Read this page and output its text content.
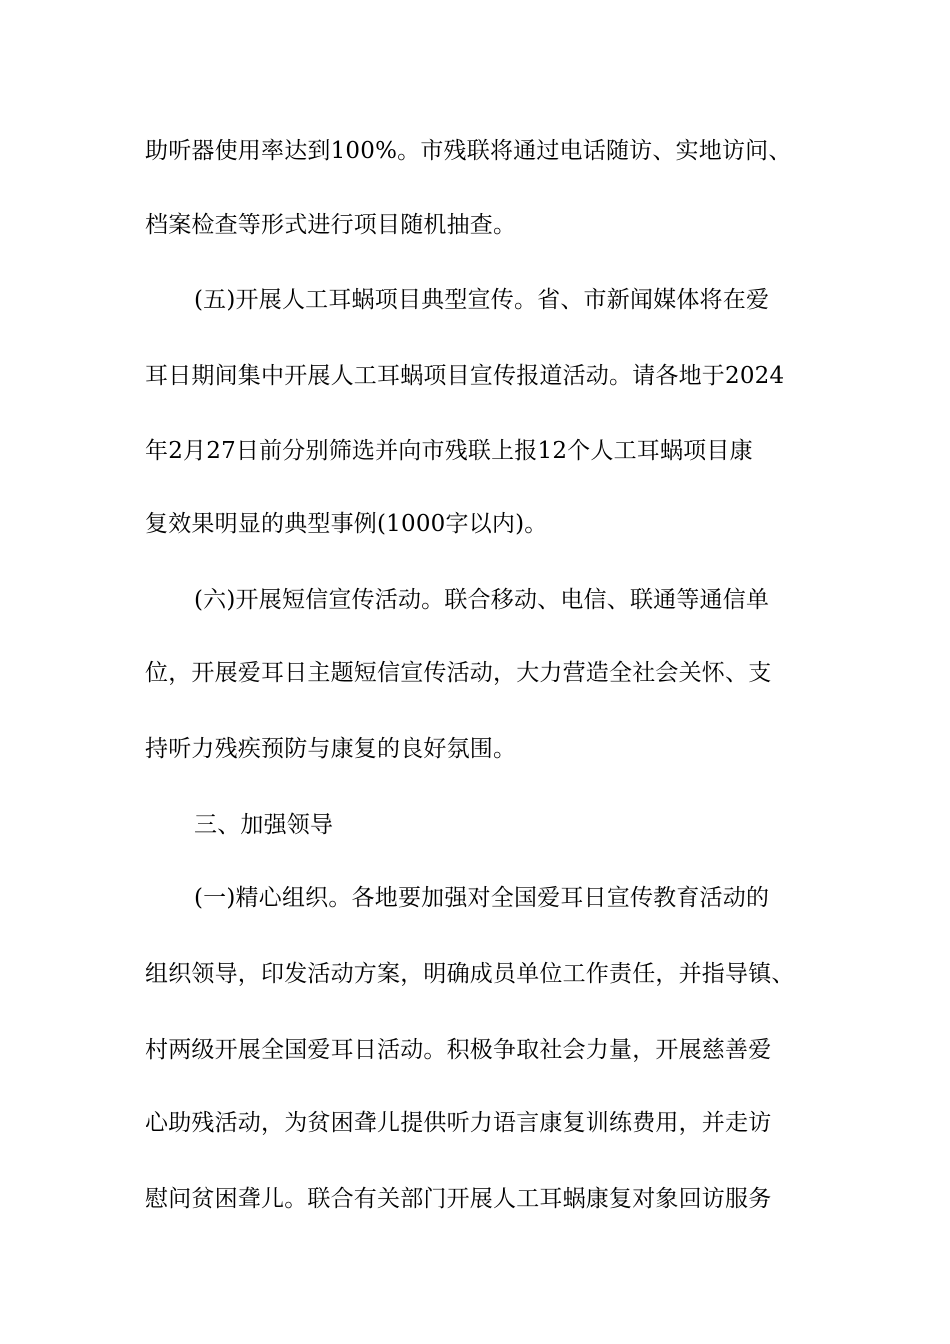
助听器使用率达到100%。市残联将通过电话随访、实地访问、
档案检查等形式进行项目随机抽查。
(五)开展人工耳蜗项目典型宣传。省、市新闻媒体将在爱
耳日期间集中开展人工耳蜗项目宣传报道活动。请各地于2024
年2月27日前分别筛选并向市残联上报12个人工耳蜗项目康
复效果明显的典型事例(1000字以内)。
(六)开展短信宣传活动。联合移动、电信、联通等通信单
位，开展爱耳日主题短信宣传活动，大力营造全社会关怀、支
持听力残疾预防与康复的良好氛围。
三、加强领导
(一)精心组织。各地要加强对全国爱耳日宣传教育活动的
组织领导，印发活动方案，明确成员单位工作责任，并指导镇、
村两级开展全国爱耳日活动。积极争取社会力量，开展慈善爱
心助残活动，为贫困聋儿提供听力语言康复训练费用，并走访
慰问贫困聋儿。联合有关部门开展人工耳蜗康复对象回访服务
